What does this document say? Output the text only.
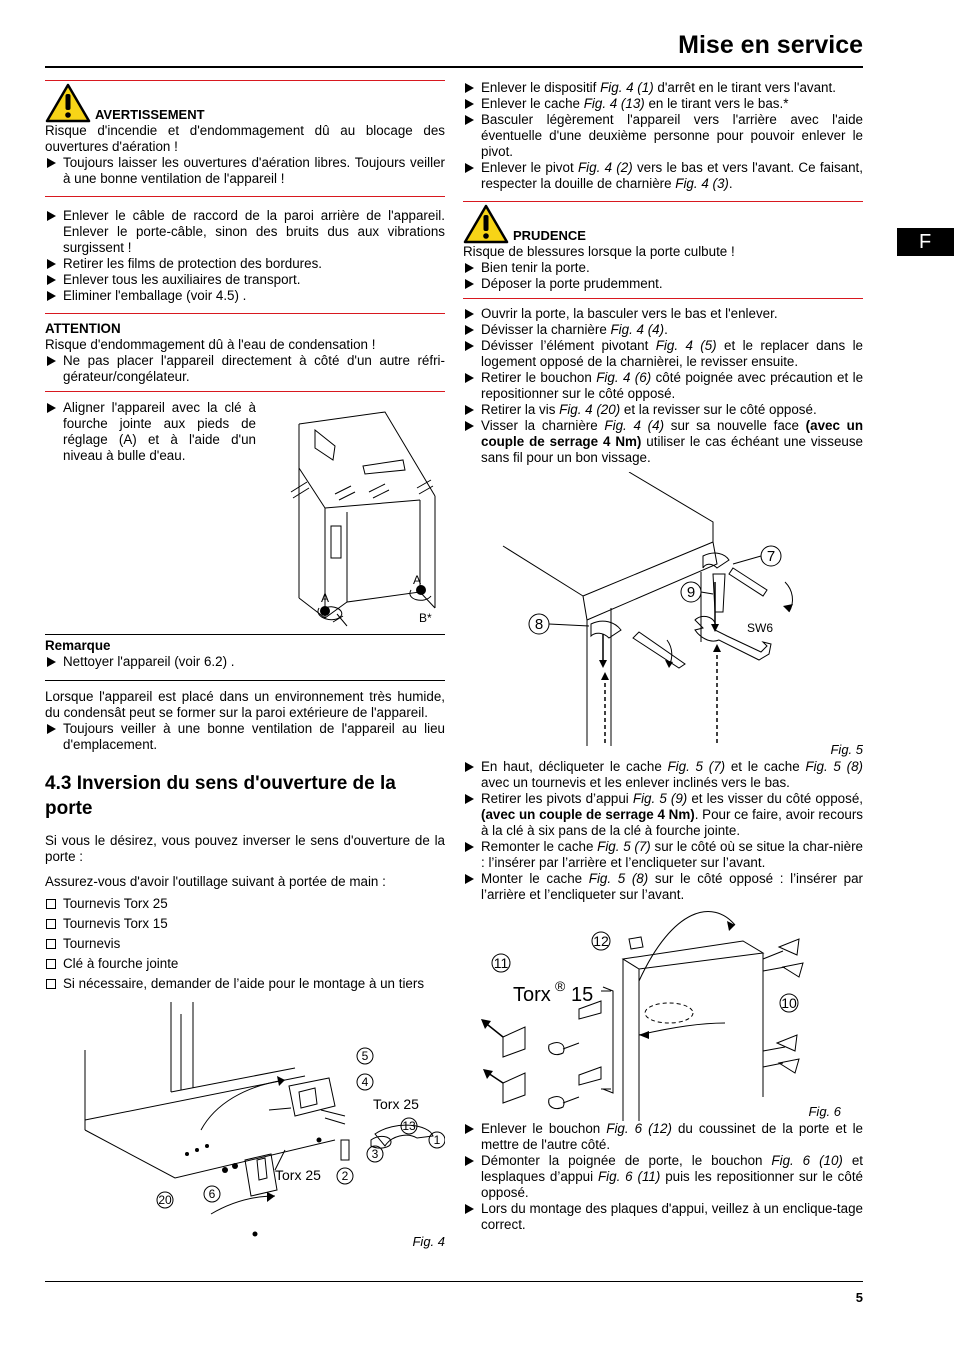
Mise en service
F
AVERTISSEMENT

Risque d'incendie et d'endommagement dû au blocage des ouvertures d'aération !

Toujours laisser les ouvertures d'aération libres. Toujours veiller à une bonne ventilation de l'appareil !
Enlever le câble de raccord de la paroi arrière de l'appareil. Enlever le porte-câble, sinon des bruits dus aux vibrations surgissent !
Retirer les films de protection des bordures.
Enlever tous les auxiliaires de transport.
Eliminer l'emballage (voir 4.5) .
ATTENTION

Risque d'endommagement dû à l'eau de condensation !

Ne pas placer l'appareil directement à côté d'un autre réfri-gérateur/congélateur.
Aligner l'appareil avec la clé à fourche jointe aux pieds de réglage (A) et à l'aide d'un niveau à bulle d'eau.
A
A
B*
Remarque
Nettoyer l'appareil (voir 6.2) .

Lorsque l'appareil est placé dans un environnement très humide, du condensât peut se former sur la paroi extérieure de l'appareil.

Toujours veiller à une bonne ventilation de l'appareil au lieu d'emplacement.
4.3 Inversion du sens d'ouverture de la porte

Si vous le désirez, vous pouvez inverser le sens d'ouverture de la porte :

Assurez-vous d'avoir l'outillage suivant à portée de main :

Tournevis Torx 25
Tournevis Torx 15
Tournevis
Clé à fourche jointe
Si nécessaire, demander de l’aide pour le montage à un tiers
5
4
Torx 25
13
1
3
2
Torx 25
20	6
Fig. 4
Enlever le dispositif Fig. 4 (1) d'arrêt en le tirant vers l'avant.
Enlever le cache Fig. 4 (13) en le tirant vers le bas.*
Basculer légèrement l'appareil vers l'arrière avec l'aide éventuelle d'une deuxième personne pour pouvoir enlever le pivot.
Enlever le pivot Fig. 4 (2) vers le bas et vers l'avant. Ce faisant, respecter la douille de charnière Fig. 4 (3).
PRUDENCE

Risque de blessures lorsque la porte culbute !

Bien tenir la porte.
Déposer la porte prudemment.
Ouvrir la porte, la basculer vers le bas et l'enlever.
Dévisser la charnière Fig. 4 (4).
Dévisser l’élément pivotant Fig. 4 (5) et le replacer dans le logement opposé de la charnièrei, le revisser ensuite.
Retirer le bouchon Fig. 4 (6) côté poignée avec précaution et le repositionner sur le côté opposé.
Retirer la vis Fig. 4 (20) et la revisser sur le côté opposé.
Visser la charnière Fig. 4 (4) sur sa nouvelle face (avec un couple de serrage 4 Nm) utiliser le cas échéant une visseuse sans fil pour un bon vissage.
7
9
8	SW6
Fig. 5
En haut, décliqueter le cache Fig. 5 (7) et le cache Fig. 5 (8) avec un tournevis et les enlever inclinés vers le bas.
Retirer les pivots d’appui Fig. 5 (9) et les visser du côté opposé, (avec un couple de serrage 4 Nm). Pour ce faire, avoir recours à la clé à six pans de la clé à fourche jointe.
Remonter le cache Fig. 5 (7) sur le côté où se situe la char-nière : l’insérer par l’arrière et l’encliqueter sur l’avant.
Monter le cache Fig. 5 (8) sur le côté opposé : l’insérer par l’arrière et l’encliqueter sur l’avant.
12
11
Torx ® 15	10
Fig. 6
Enlever le bouchon Fig. 6 (12) du coussinet de la porte et le mettre de l'autre côté.
Démonter la poignée de porte, le bouchon Fig. 6 (10) et lesplaques d’appui Fig. 6 (11) puis les repositionner sur le côté opposé.
Lors du montage des plaques d'appui, veillez à un enclique-tage correct.
5
